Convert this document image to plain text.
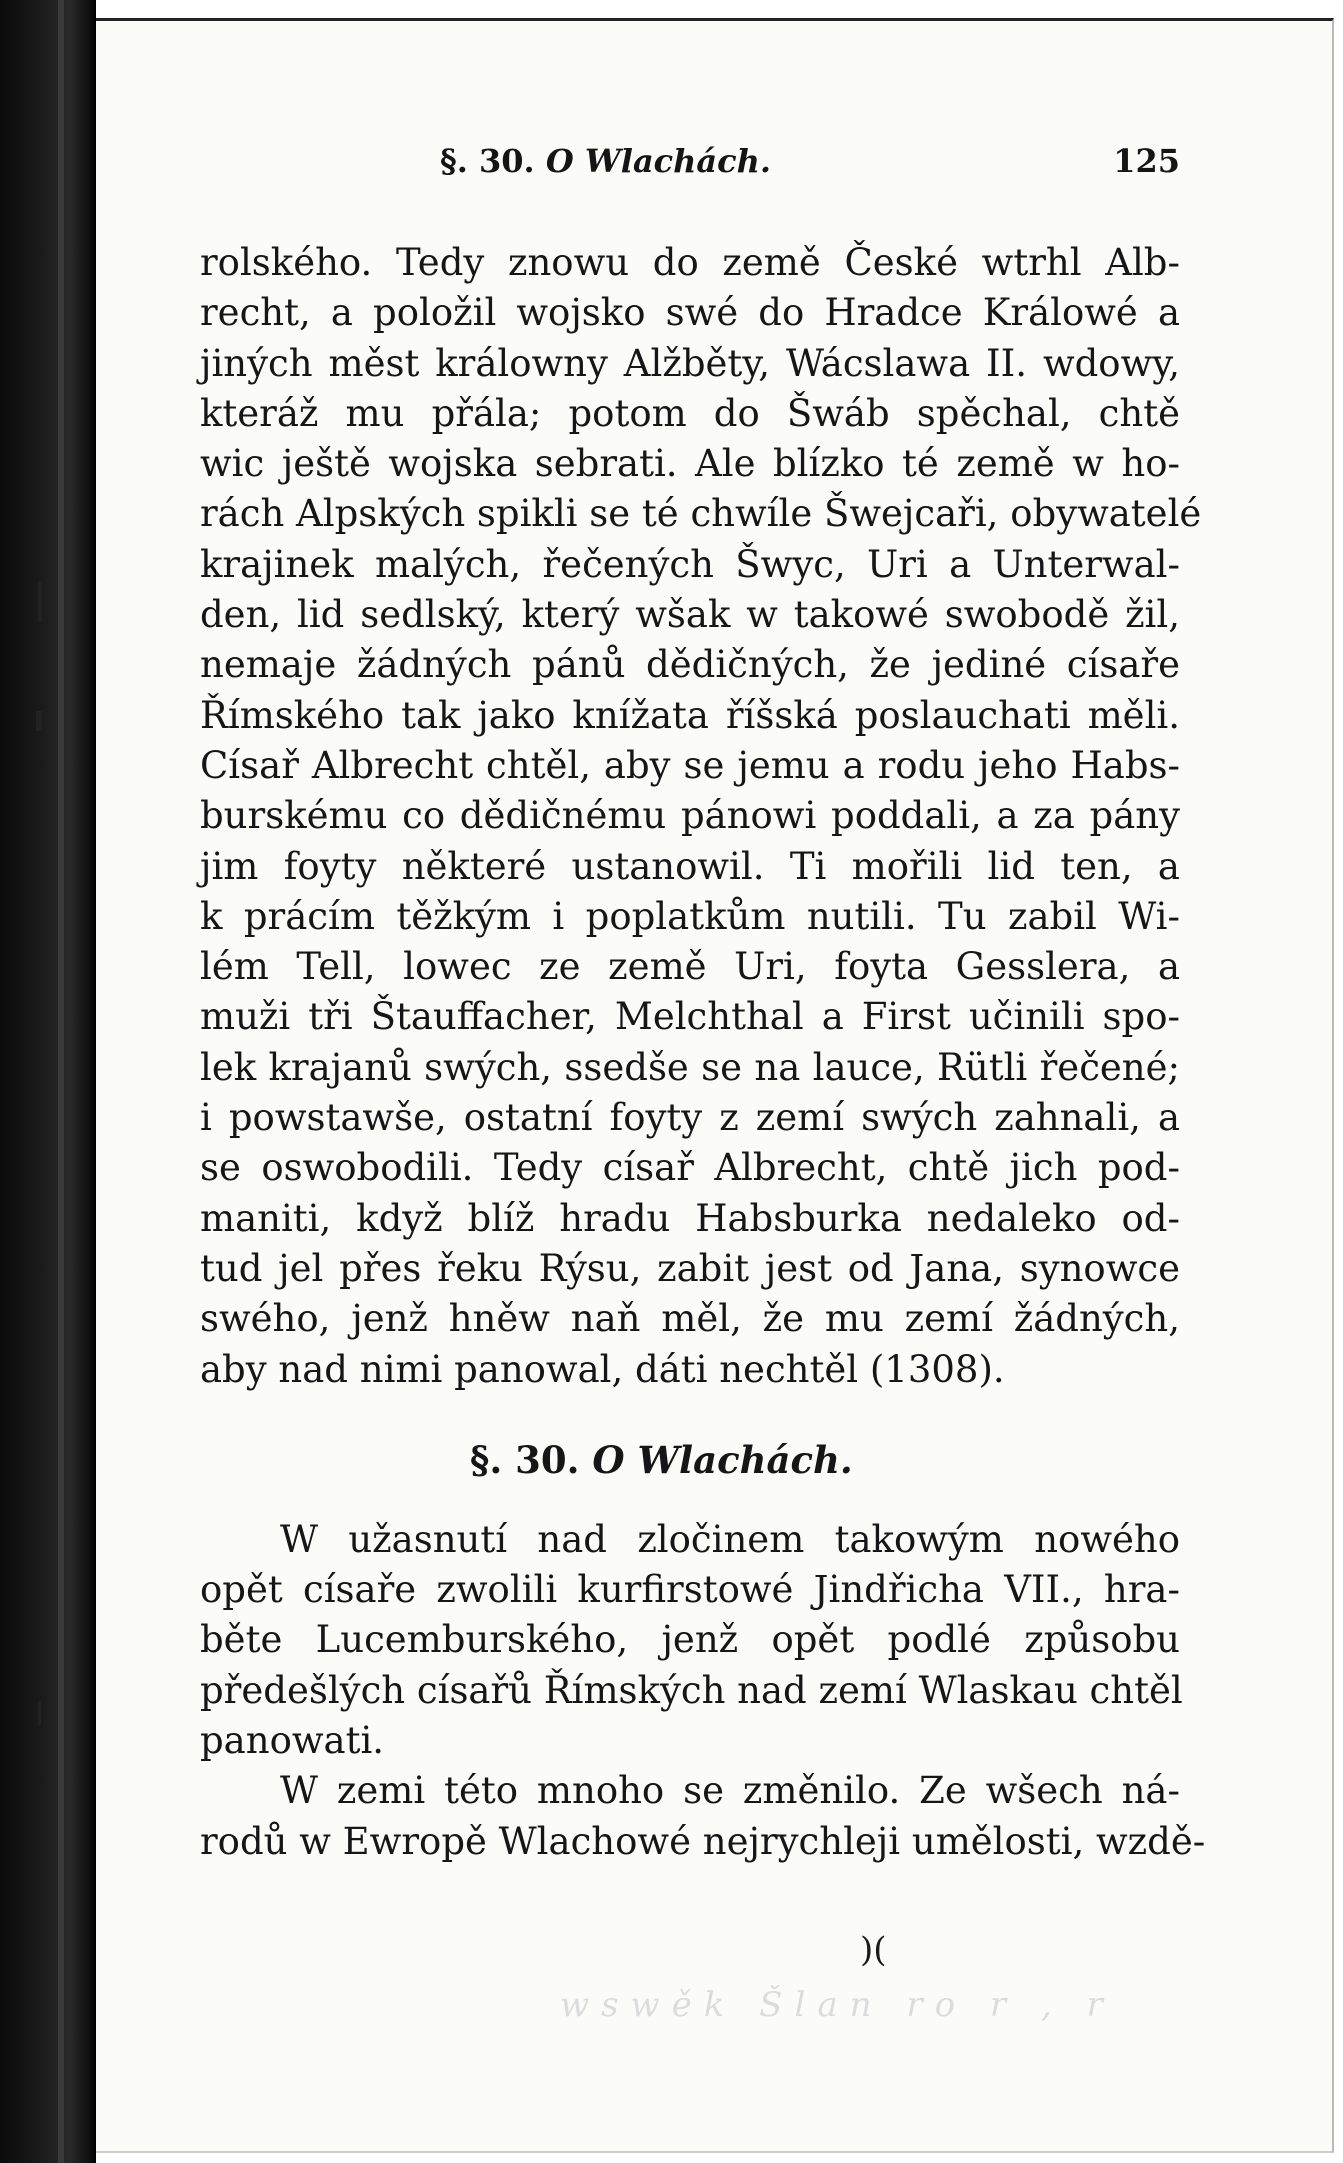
§. 30. O Wlachách.	125
rolského. Tedy znowu do země České wtrhl Alb-
recht, a položil wojsko swé do Hradce Králowé a
jiných měst králowny Alžběty, Wácslawa II. wdowy,
kteráž mu přála; potom do Šwáb spěchal, chtě
wic ještě wojska sebrati. Ale blízko té země w ho-
rách Alpských spikli se té chwíle Šwejcaři, obywatelé
krajinek malých, řečených Šwyc, Uri a Unterwal-
den, lid sedlský, který wšak w takowé swobodě žil,
nemaje žádných pánů dědičných, že jediné císaře
Římského tak jako knížata říšská poslauchati měli.
Císař Albrecht chtěl, aby se jemu a rodu jeho Habs-
burskému co dědičnému pánowi poddali, a za pány
jim foyty některé ustanowil. Ti mořili lid ten, a
k prácím těžkým i poplatkům nutili. Tu zabil Wi-
lém Tell, lowec ze země Uri, foyta Gesslera, a
muži tři Štauffacher, Melchthal a First učinili spo-
lek krajanů swých, ssedše se na lauce, Rütli řečené;
i powstawše, ostatní foyty z zemí swých zahnali, a
se oswobodili. Tedy císař Albrecht, chtě jich pod-
maniti, když blíž hradu Habsburka nedaleko od-
tud jel přes řeku Rýsu, zabit jest od Jana, synowce
swého, jenž hněw naň měl, že mu zemí žádných,
aby nad nimi panowal, dáti nechtěl (1308).
§. 30. O Wlachách.
W užasnutí nad zločinem takowým nowého
opět císaře zwolili kurfirstowé Jindřicha VII., hra-
běte Lucemburského, jenž opět podlé způsobu
předešlých císařů Římských nad zemí Wlaskau chtěl
panowati.
W zemi této mnoho se změnilo. Ze wšech ná-
rodů w Ewropě Wlachowé nejrychleji umělosti, wzdě-
)(
wswěk Šlan ro r , r
